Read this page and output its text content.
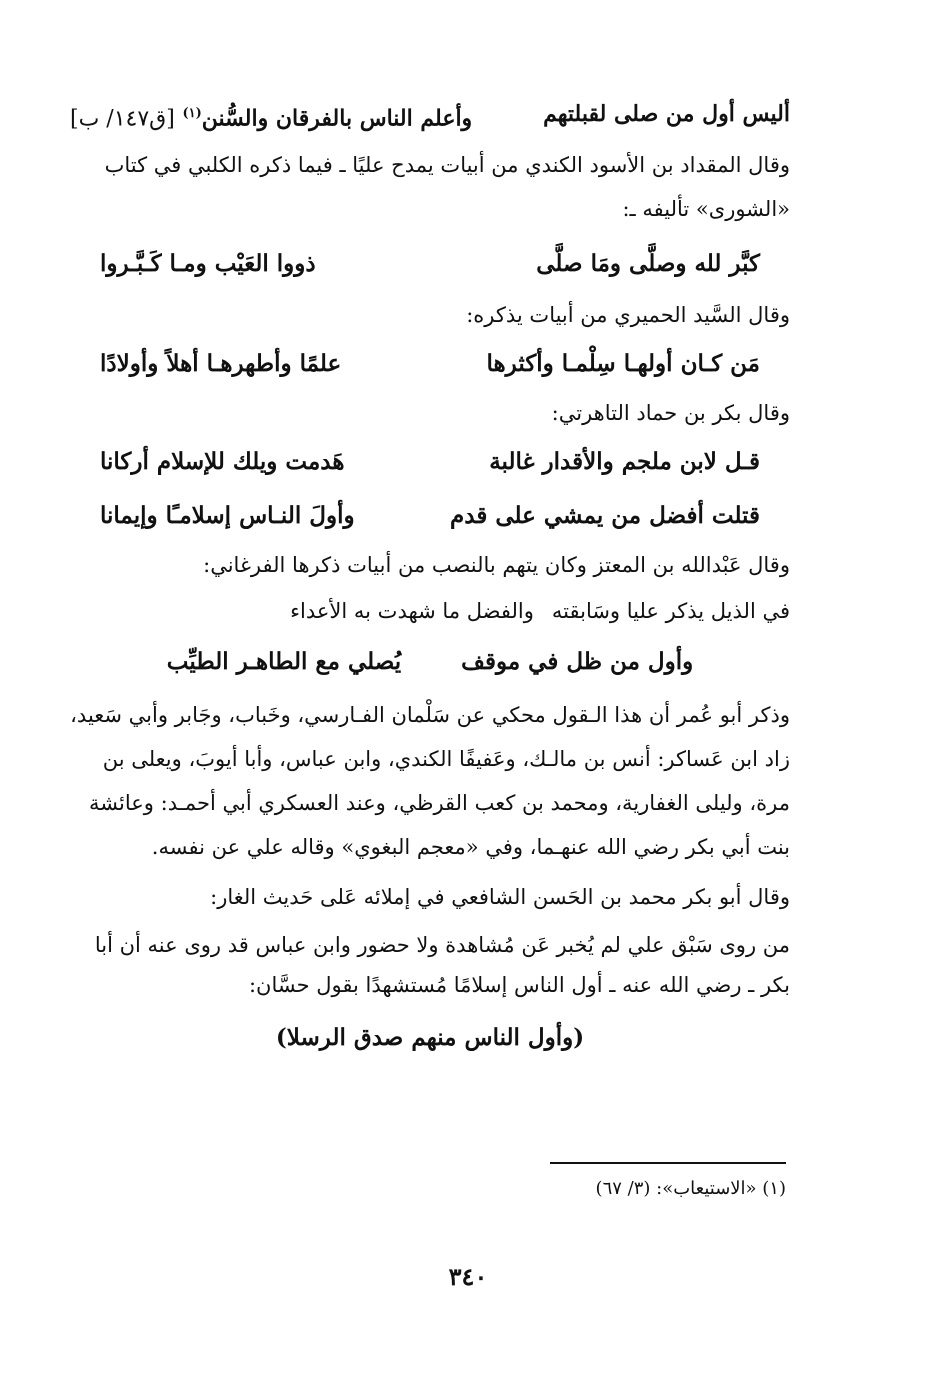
أليس أول من صلى لقبلتهم
وأعلم الناس بالفرقان والسُّنن$^{(١)}$ [ق١٤٧/ ب]

وقال المقداد بن الأسود الكندي من أبيات يمدح عليًا ـ فيما ذكره الكلبي في كتاب «الشورى» تأليفه ـ:

كبَّر لله وصلَّى ومَا صلَّى
ذووا العَيْب ومـا كَـبَّـروا

وقال السَّيد الحميري من أبيات يذكره:

مَن كـان أولهـا سِلْمـا وأكثرها
علمًا وأطهرهـا أهلاً وأولادًا

وقال بكر بن حماد التاهرتي:

قـل لابن ملجم والأقدار غالبة
هَدمت ويلك للإسلام أركانا
قتلت أفضل من يمشي على قدم
وأولَ النـاس إسلامـًا وإيمانا

وقال عَبْدالله بن المعتز وكان يتهم بالنصب من أبيات ذكرها الفرغاني:

في الذيل يذكر عليا وسَابقته
والفضل ما شهدت به الأعداء
وأول من ظل في موقف
يُصلي مع الطاهـر الطيِّب

وذكر أبو عُمر أن هذا الـقول محكي عن سَلْمان الفـارسي، وخَباب، وجَابر وأبي سَعيد، زاد ابن عَساكر: أنس بن مالـك، وعَفيفًا الكندي، وابن عباس، وأبا أيوبَ، ويعلى بن مرة، وليلى الغفارية، ومحمد بن كعب القرظي، وعند العسكري أبي أحمـد: وعائشة بنت أبي بكر رضي الله عنهـما، وفي «معجم البغوي» وقاله علي عن نفسه.

وقال أبو بكر محمد بن الحَسن الشافعي في إملائه عَلى حَديث الغار:

من روى سَبْق علي لم يُخبر عَن مُشاهدة ولا حضور وابن عباس قد روى عنه أن أبا بكر ـ رضي الله عنه ـ أول الناس إسلامًا مُستشهدًا بقول حسَّان:

(وأول الناس منهم صدق الرسلا)
(١) «الاستيعاب»: (٣/ ٦٧)
٣٤٠
